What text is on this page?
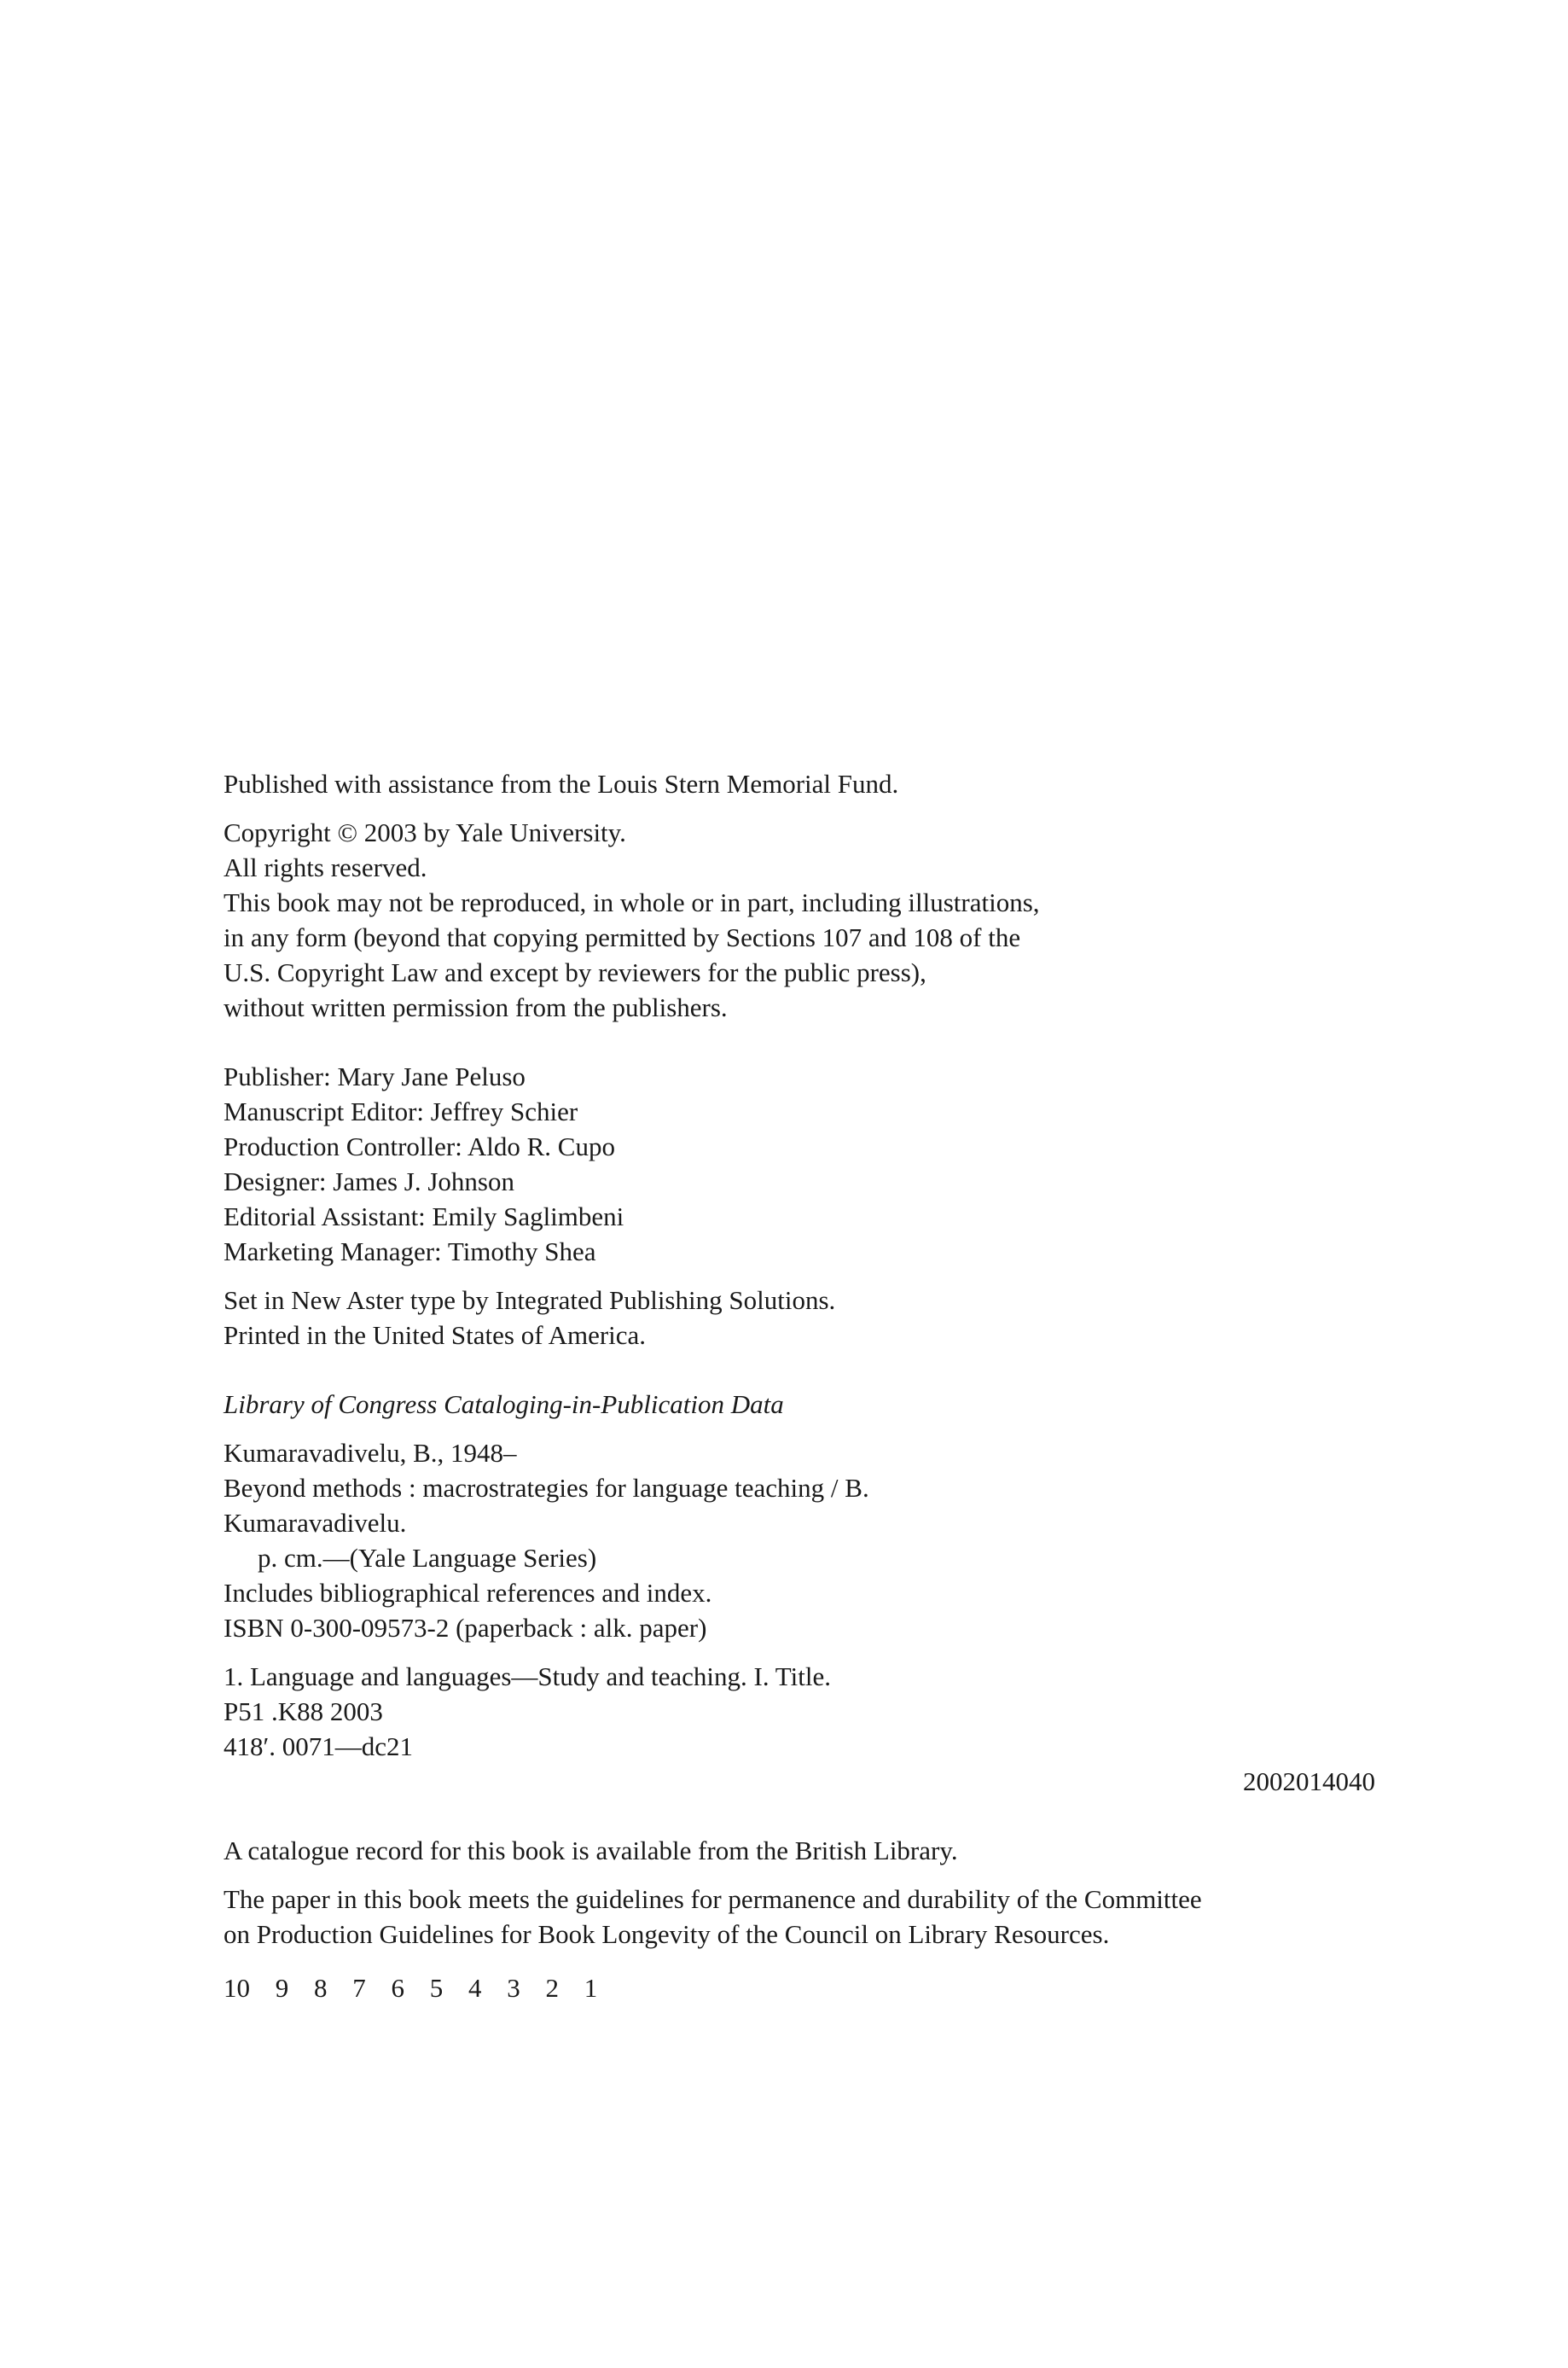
Published with assistance from the Louis Stern Memorial Fund.

Copyright © 2003 by Yale University.
All rights reserved.
This book may not be reproduced, in whole or in part, including illustrations,
in any form (beyond that copying permitted by Sections 107 and 108 of the
U.S. Copyright Law and except by reviewers for the public press),
without written permission from the publishers.
Publisher: Mary Jane Peluso
Manuscript Editor: Jeffrey Schier
Production Controller: Aldo R. Cupo
Designer: James J. Johnson
Editorial Assistant: Emily Saglimbeni
Marketing Manager: Timothy Shea
Set in New Aster type by Integrated Publishing Solutions.
Printed in the United States of America.

Library of Congress Cataloging-in-Publication Data

Kumaravadivelu, B., 1948–
Beyond methods : macrostrategies for language teaching / B.
Kumaravadivelu.
p. cm.—(Yale Language Series)
Includes bibliographical references and index.
ISBN 0-300-09573-2 (paperback : alk. paper)
1. Language and languages—Study and teaching. I. Title.
P51 .K88 2003
418′. 0071—dc21
2002014040

A catalogue record for this book is available from the British Library.

The paper in this book meets the guidelines for permanence and durability of the Committee
on Production Guidelines for Book Longevity of the Council on Library Resources.

10 9 8 7 6 5 4 3 2 1
